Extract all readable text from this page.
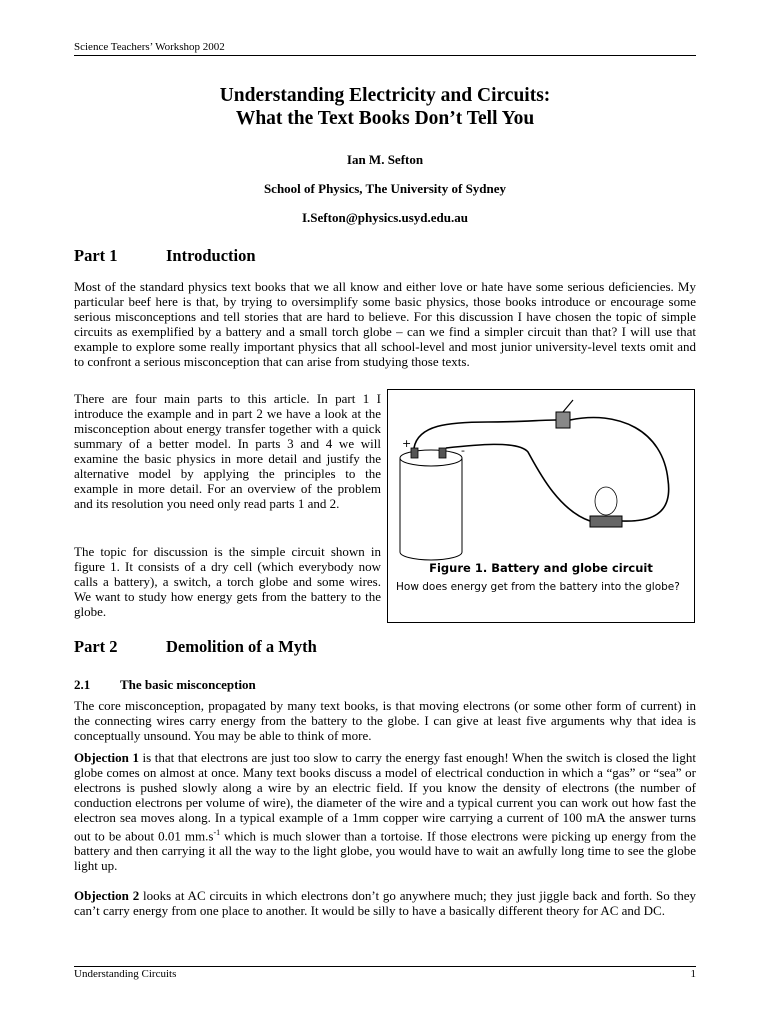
Science Teachers’ Workshop 2002
Understanding Electricity and Circuits:
What the Text Books Don’t Tell You
Ian M. Sefton
School of Physics, The University of Sydney
I.Sefton@physics.usyd.edu.au
Part 1	Introduction

Most of the standard physics text books that we all know and either love or hate have some serious deficiencies. My particular beef here is that, by trying to oversimplify some basic physics, those books introduce or encourage some serious misconceptions and tell stories that are hard to believe. For this discussion I have chosen the topic of simple circuits as exemplified by a battery and a small torch globe – can we find a simpler circuit than that? I will use that example to explore some really important physics that all school-level and most junior university-level texts omit and to confront a serious misconception that can arise from studying those texts.

There are four main parts to this article. In part 1 I introduce the example and in part 2 we have a look at the misconception about energy transfer together with a quick summary of a better model. In parts 3 and 4 we will examine the basic physics in more detail and justify the alternative model by applying the principles to the example in more detail. For an overview of the problem and its resolution you need only read parts 1 and 2.

The topic for discussion is the simple circuit shown in figure 1. It consists of a dry cell (which everybody now calls a battery), a switch, a torch globe and some wires. We want to study how energy gets from the battery to the globe.

+
-
Figure 1. Battery and globe circuit
How does energy get from the battery into the globe?
Part 2	Demolition of a Myth
2.1 The basic misconception

The core misconception, propagated by many text books, is that moving electrons (or some other form of current) in the connecting wires carry energy from the battery to the globe. I can give at least five arguments why that idea is conceptually unsound. You may be able to think of more.

Objection 1 is that that electrons are just too slow to carry the energy fast enough! When the switch is closed the light globe comes on almost at once. Many text books discuss a model of electrical conduction in which a “gas” or “sea” or electrons is pushed slowly along a wire by an electric field. If you know the density of electrons (the number of conduction electrons per volume of wire), the diameter of the wire and a typical current you can work out how fast the electron sea moves along. In a typical example of a 1mm copper wire carrying a current of 100 mA the answer turns out to be about 0.01 $mm.s^{-1}$ which is much slower than a tortoise. If those electrons were picking up energy from the battery and then carrying it all the way to the light globe, you would have to wait an awfully long time to see the globe light up.

Objection 2 looks at AC circuits in which electrons don’t go anywhere much; they just jiggle back and forth. So they can’t carry energy from one place to another. It would be silly to have a basically different theory for AC and DC.

Understanding Circuits	1
